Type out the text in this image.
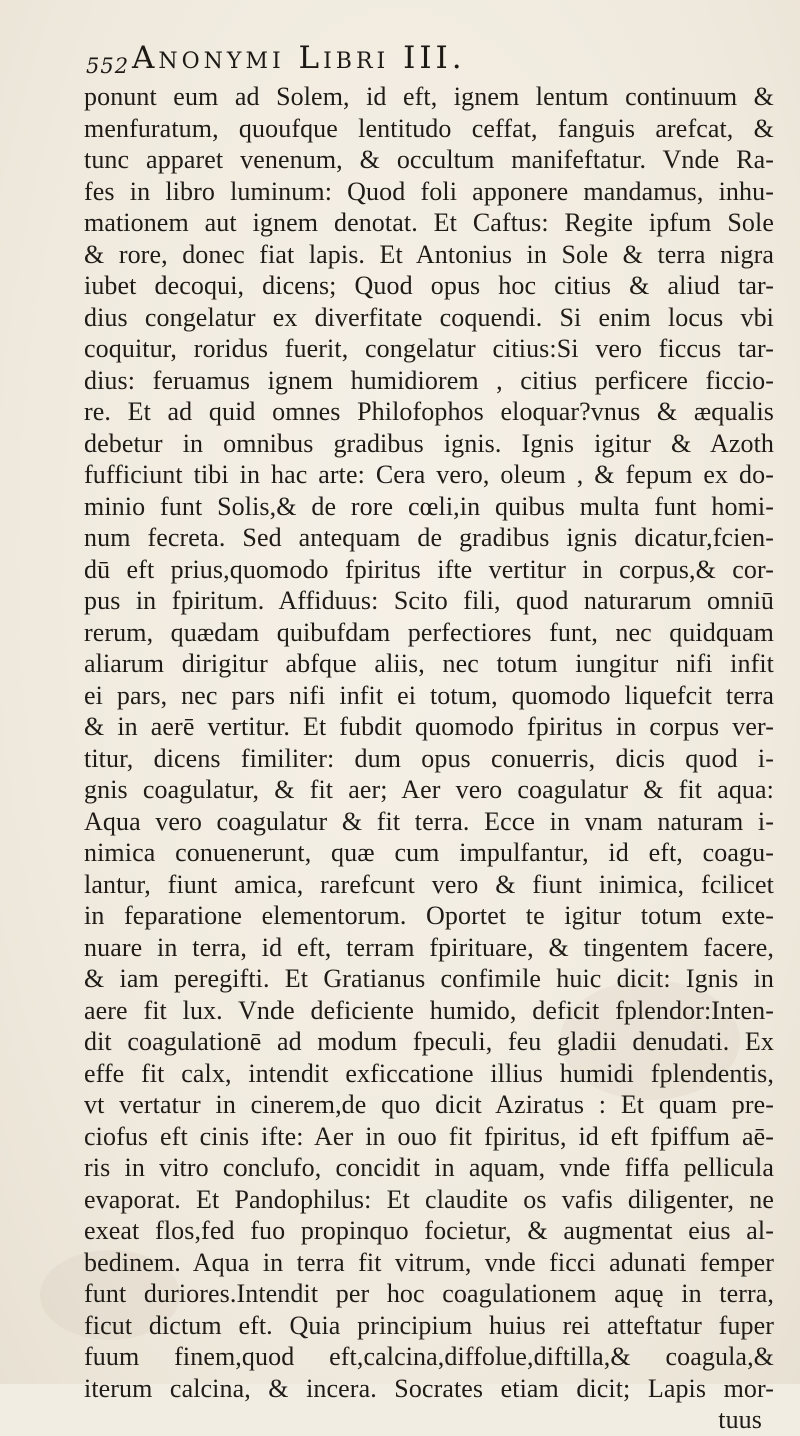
552 Anonymi Libri III.
ponunt eum ad Solem, id eft, ignem lentum continuum &
menfuratum, quoufque lentitudo ceffat, fanguis arefcat, &
tunc apparet venenum, & occultum manifeftatur. Vnde Ra-
fes in libro luminum: Quod foli apponere mandamus, inhu-
mationem aut ignem denotat. Et Caftus: Regite ipfum Sole
& rore, donec fiat lapis. Et Antonius in Sole & terra nigra
iubet decoqui, dicens; Quod opus hoc citius & aliud tar-
dius congelatur ex diverfitate coquendi. Si enim locus vbi
coquitur, roridus fuerit, congelatur citius:Si vero ficcus tar-
dius: feruamus ignem humidiorem , citius perficere ficcio-
re. Et ad quid omnes Philofophos eloquar?vnus & æqualis
debetur in omnibus gradibus ignis. Ignis igitur & Azoth
fufficiunt tibi in hac arte: Cera vero, oleum , & fepum ex do-
minio funt Solis,& de rore cœli,in quibus multa funt homi-
num fecreta. Sed antequam de gradibus ignis dicatur,fcien-
dū eft prius,quomodo fpiritus ifte vertitur in corpus,& cor-
pus in fpiritum. Affiduus: Scito fili, quod naturarum omniū
rerum, quædam quibufdam perfectiores funt, nec quidquam
aliarum dirigitur abfque aliis, nec totum iungitur nifi infit
ei pars, nec pars nifi infit ei totum, quomodo liquefcit terra
& in aerē vertitur. Et fubdit quomodo fpiritus in corpus ver-
titur, dicens fimiliter: dum opus conuerris, dicis quod i-
gnis coagulatur, & fit aer; Aer vero coagulatur & fit aqua:
Aqua vero coagulatur & fit terra. Ecce in vnam naturam i-
nimica conuenerunt, quæ cum impulfantur, id eft, coagu-
lantur, fiunt amica, rarefcunt vero & fiunt inimica, fcilicet
in feparatione elementorum. Oportet te igitur totum exte-
nuare in terra, id eft, terram fpirituare, & tingentem facere,
& iam peregifti. Et Gratianus confimile huic dicit: Ignis in
aere fit lux. Vnde deficiente humido, deficit fplendor:Inten-
dit coagulationē ad modum fpeculi, feu gladii denudati. Ex
effe fit calx, intendit exficcatione illius humidi fplendentis,
vt vertatur in cinerem,de quo dicit Aziratus : Et quam pre-
ciofus eft cinis ifte: Aer in ouo fit fpiritus, id eft fpiffum aē-
ris in vitro conclufo, concidit in aquam, vnde fiffa pellicula
evaporat. Et Pandophilus: Et claudite os vafis diligenter, ne
exeat flos,fed fuo propinquo focietur, & augmentat eius al-
bedinem. Aqua in terra fit vitrum, vnde ficci adunati femper
funt duriores.Intendit per hoc coagulationem aquę in terra,
ficut dictum eft. Quia principium huius rei atteftatur fuper
fuum finem,quod eft,calcina,diffolue,diftilla,& coagula,&
iterum calcina, & incera. Socrates etiam dicit; Lapis mor-
tuus
